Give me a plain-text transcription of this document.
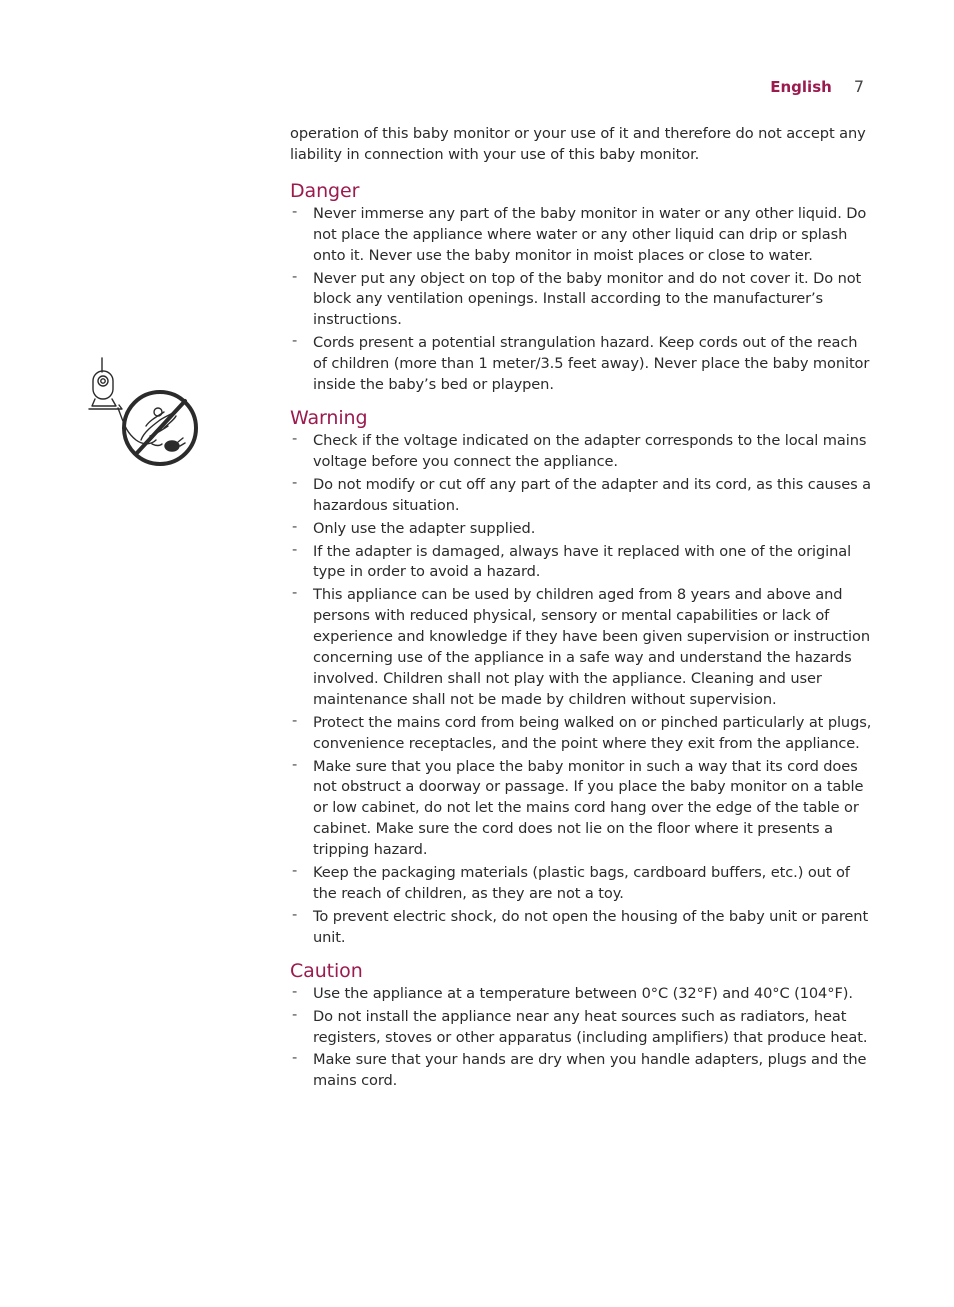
English 7

operation of this baby monitor or your use of it and therefore do not accept any liability in connection with your use of this baby monitor.

Danger
- Never immerse any part of the baby monitor in water or any other liquid. Do not place the appliance where water or any other liquid can drip or splash onto it. Never use the baby monitor in moist places or close to water.
- Never put any object on top of the baby monitor and do not cover it. Do not block any ventilation openings. Install according to the manufacturer’s instructions.
- Cords present a potential strangulation hazard. Keep cords out of the reach of children (more than 1 meter/3.5 feet away). Never place the baby monitor inside the baby’s bed or playpen.
Warning
- Check if the voltage indicated on the adapter corresponds to the local mains voltage before you connect the appliance.
- Do not modify or cut off any part of the adapter and its cord, as this causes a hazardous situation.
- Only use the adapter supplied.
- If the adapter is damaged, always have it replaced with one of the original type in order to avoid a hazard.
- This appliance can be used by children aged from 8 years and above and persons with reduced physical, sensory or mental capabilities or lack of experience and knowledge if they have been given supervision or instruction concerning use of the appliance in a safe way and understand the hazards involved. Children shall not play with the appliance. Cleaning and user maintenance shall not be made by children without supervision.
- Protect the mains cord from being walked on or pinched particularly at plugs, convenience receptacles, and the point where they exit from the appliance.
- Make sure that you place the baby monitor in such a way that its cord does not obstruct a doorway or passage. If you place the baby monitor on a table or low cabinet, do not let the mains cord hang over the edge of the table or cabinet. Make sure the cord does not lie on the floor where it presents a tripping hazard.
- Keep the packaging materials (plastic bags, cardboard buffers, etc.) out of the reach of children, as they are not a toy.
- To prevent electric shock, do not open the housing of the baby unit or parent unit.
Caution
- Use the appliance at a temperature between 0°C (32°F) and 40°C (104°F).
- Do not install the appliance near any heat sources such as radiators, heat registers, stoves or other apparatus (including amplifiers) that produce heat.
- Make sure that your hands are dry when you handle adapters, plugs and the mains cord.
